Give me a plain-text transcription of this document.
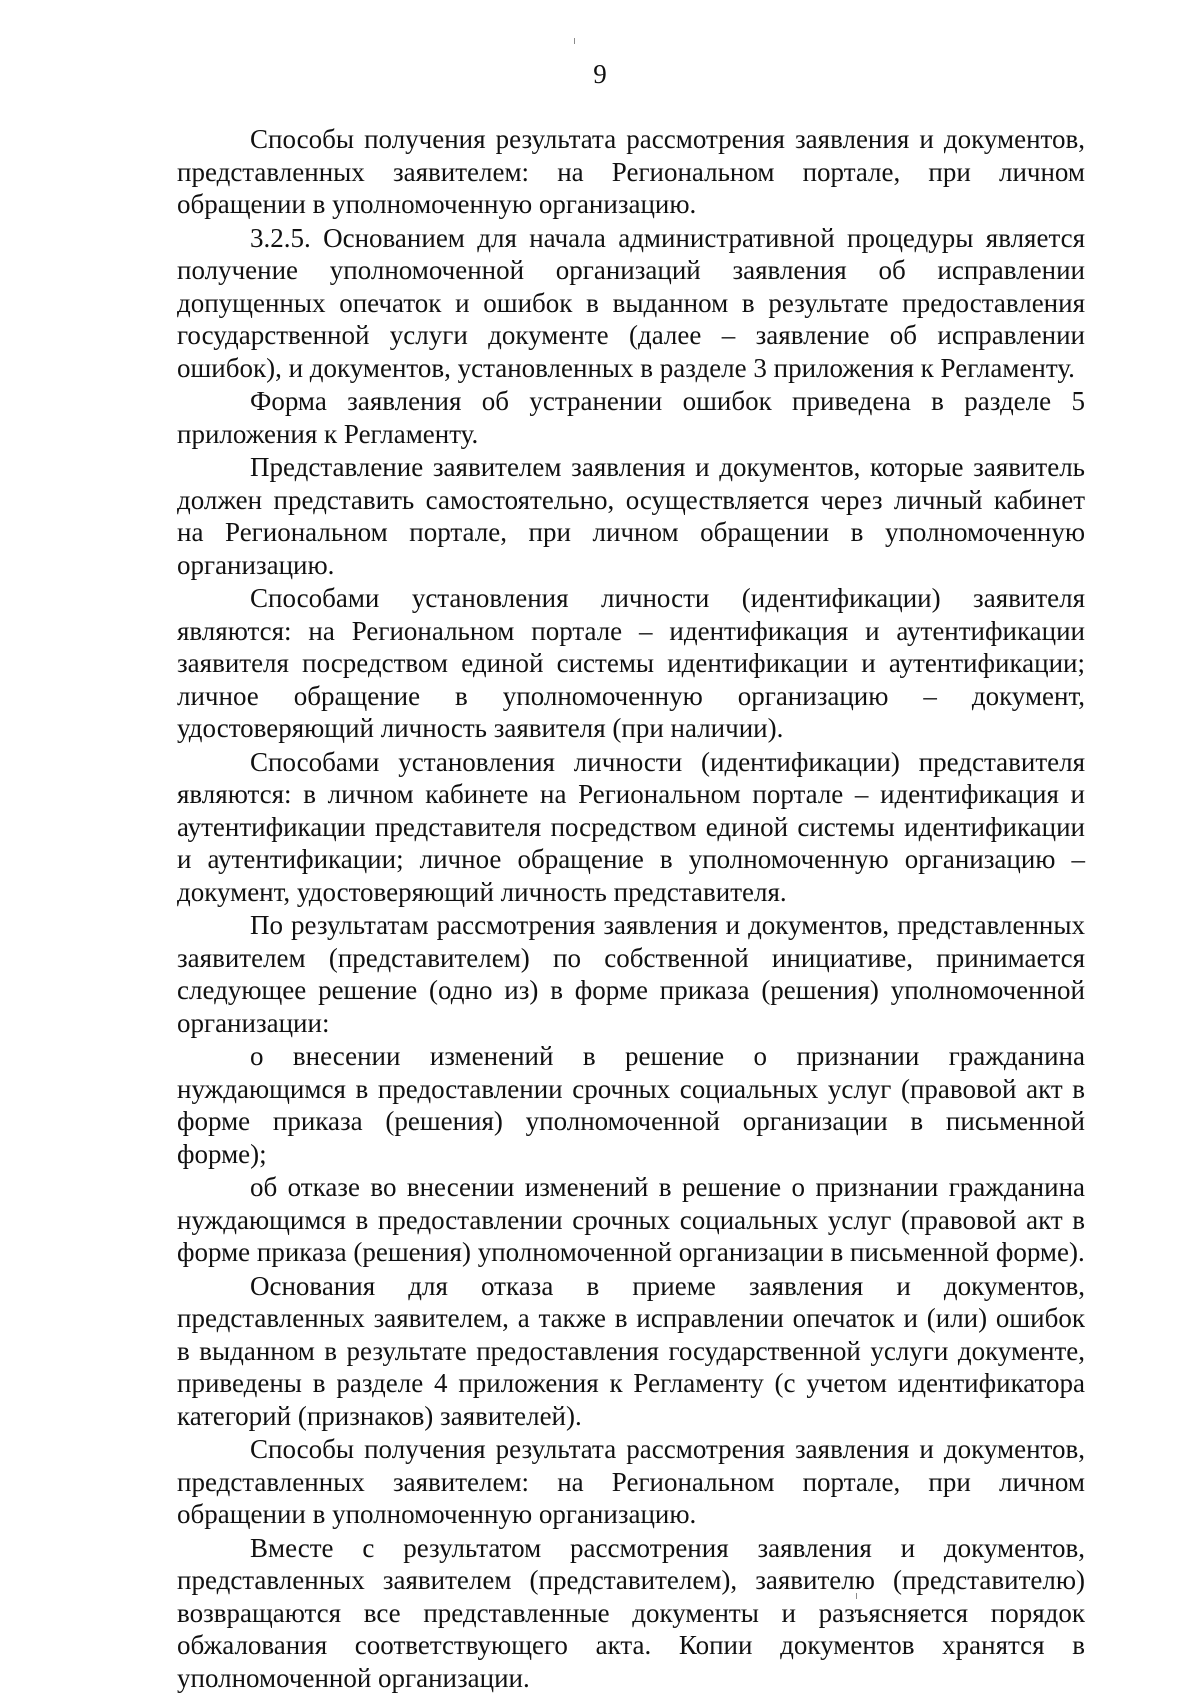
9

Способы получения результата рассмотрения заявления и документов, представленных заявителем: на Региональном портале, при личном обращении в уполномоченную организацию.

3.2.5. Основанием для начала административной процедуры является получение уполномоченной организаций заявления об исправлении допущенных опечаток и ошибок в выданном в результате предоставления государственной услуги документе (далее – заявление об исправлении ошибок), и документов, установленных в разделе 3 приложения к Регламенту.

Форма заявления об устранении ошибок приведена в разделе 5 приложения к Регламенту.

Представление заявителем заявления и документов, которые заявитель должен представить самостоятельно, осуществляется через личный кабинет на Региональном портале, при личном обращении в уполномоченную организацию.

Способами установления личности (идентификации) заявителя являются: на Региональном портале – идентификация и аутентификации заявителя посредством единой системы идентификации и аутентификации; личное обращение в уполномоченную организацию – документ, удостоверяющий личность заявителя (при наличии).

Способами установления личности (идентификации) представителя являются: в личном кабинете на Региональном портале – идентификация и аутентификации представителя посредством единой системы идентификации и аутентификации; личное обращение в уполномоченную организацию – документ, удостоверяющий личность представителя.

По результатам рассмотрения заявления и документов, представленных заявителем (представителем) по собственной инициативе, принимается следующее решение (одно из) в форме приказа (решения) уполномоченной организации:

о внесении изменений в решение о признании гражданина нуждающимся в предоставлении срочных социальных услуг (правовой акт в форме приказа (решения) уполномоченной организации в письменной форме);

об отказе во внесении изменений в решение о признании гражданина нуждающимся в предоставлении срочных социальных услуг (правовой акт в форме приказа (решения) уполномоченной организации в письменной форме).

Основания для отказа в приеме заявления и документов, представленных заявителем, а также в исправлении опечаток и (или) ошибок в выданном в результате предоставления государственной услуги документе, приведены в разделе 4 приложения к Регламенту (с учетом идентификатора категорий (признаков) заявителей).

Способы получения результата рассмотрения заявления и документов, представленных заявителем: на Региональном портале, при личном обращении в уполномоченную организацию.

Вместе с результатом рассмотрения заявления и документов, представленных заявителем (представителем), заявителю (представителю) возвращаются все представленные документы и разъясняется порядок обжалования соответствующего акта. Копии документов хранятся в уполномоченной организации.
